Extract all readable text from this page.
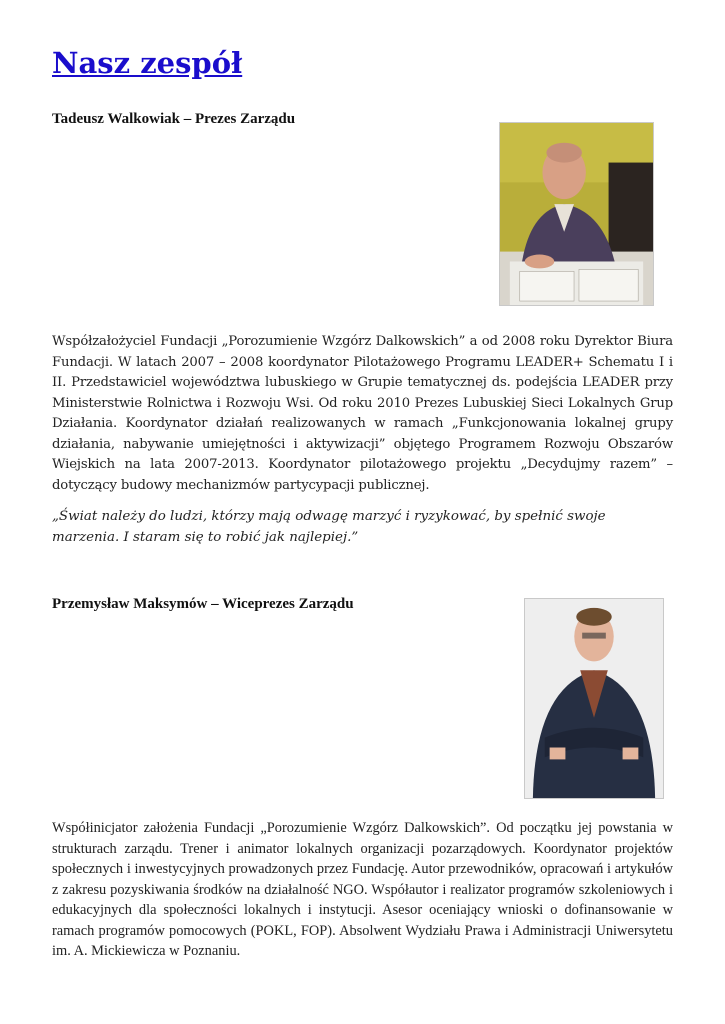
Nasz zespół
Tadeusz Walkowiak – Prezes Zarządu

Współzałożyciel Fundacji „Porozumienie Wzgórz Dalkowskich” a od 2008 roku Dyrektor Biura Fundacji. W latach 2007 – 2008 koordynator Pilotażowego Programu LEADER+ Schematu I i II. Przedstawiciel województwa lubuskiego w Grupie tematycznej ds. podejścia LEADER przy Ministerstwie Rolnictwa i Rozwoju Wsi. Od roku 2010 Prezes Lubuskiej Sieci Lokalnych Grup Działania. Koordynator działań realizowanych w ramach „Funkcjonowania lokalnej grupy działania, nabywanie umiejętności i aktywizacji” objętego Programem Rozwoju Obszarów Wiejskich na lata 2007-2013. Koordynator pilotażowego projektu „Decydujmy razem” – dotyczący budowy mechanizmów partycypacji publicznej.

„Świat należy do ludzi, którzy mają odwagę marzyć i ryzykować, by spełnić swoje marzenia. I staram się to robić jak najlepiej.”

Przemysław Maksymów – Wiceprezes Zarządu

Współinicjator założenia Fundacji „Porozumienie Wzgórz Dalkowskich”. Od początku jej powstania w strukturach zarządu. Trener i animator lokalnych organizacji pozarządowych. Koordynator projektów społecznych i inwestycyjnych prowadzonych przez Fundację. Autor przewodników, opracowań i artykułów z zakresu pozyskiwania środków na działalność NGO. Współautor i realizator programów szkoleniowych i edukacyjnych dla społeczności lokalnych i instytucji. Asesor oceniający wnioski o dofinansowanie w ramach programów pomocowych (POKL, FOP). Absolwent Wydziału Prawa i Administracji Uniwersytetu im. A. Mickiewicza w Poznaniu.
